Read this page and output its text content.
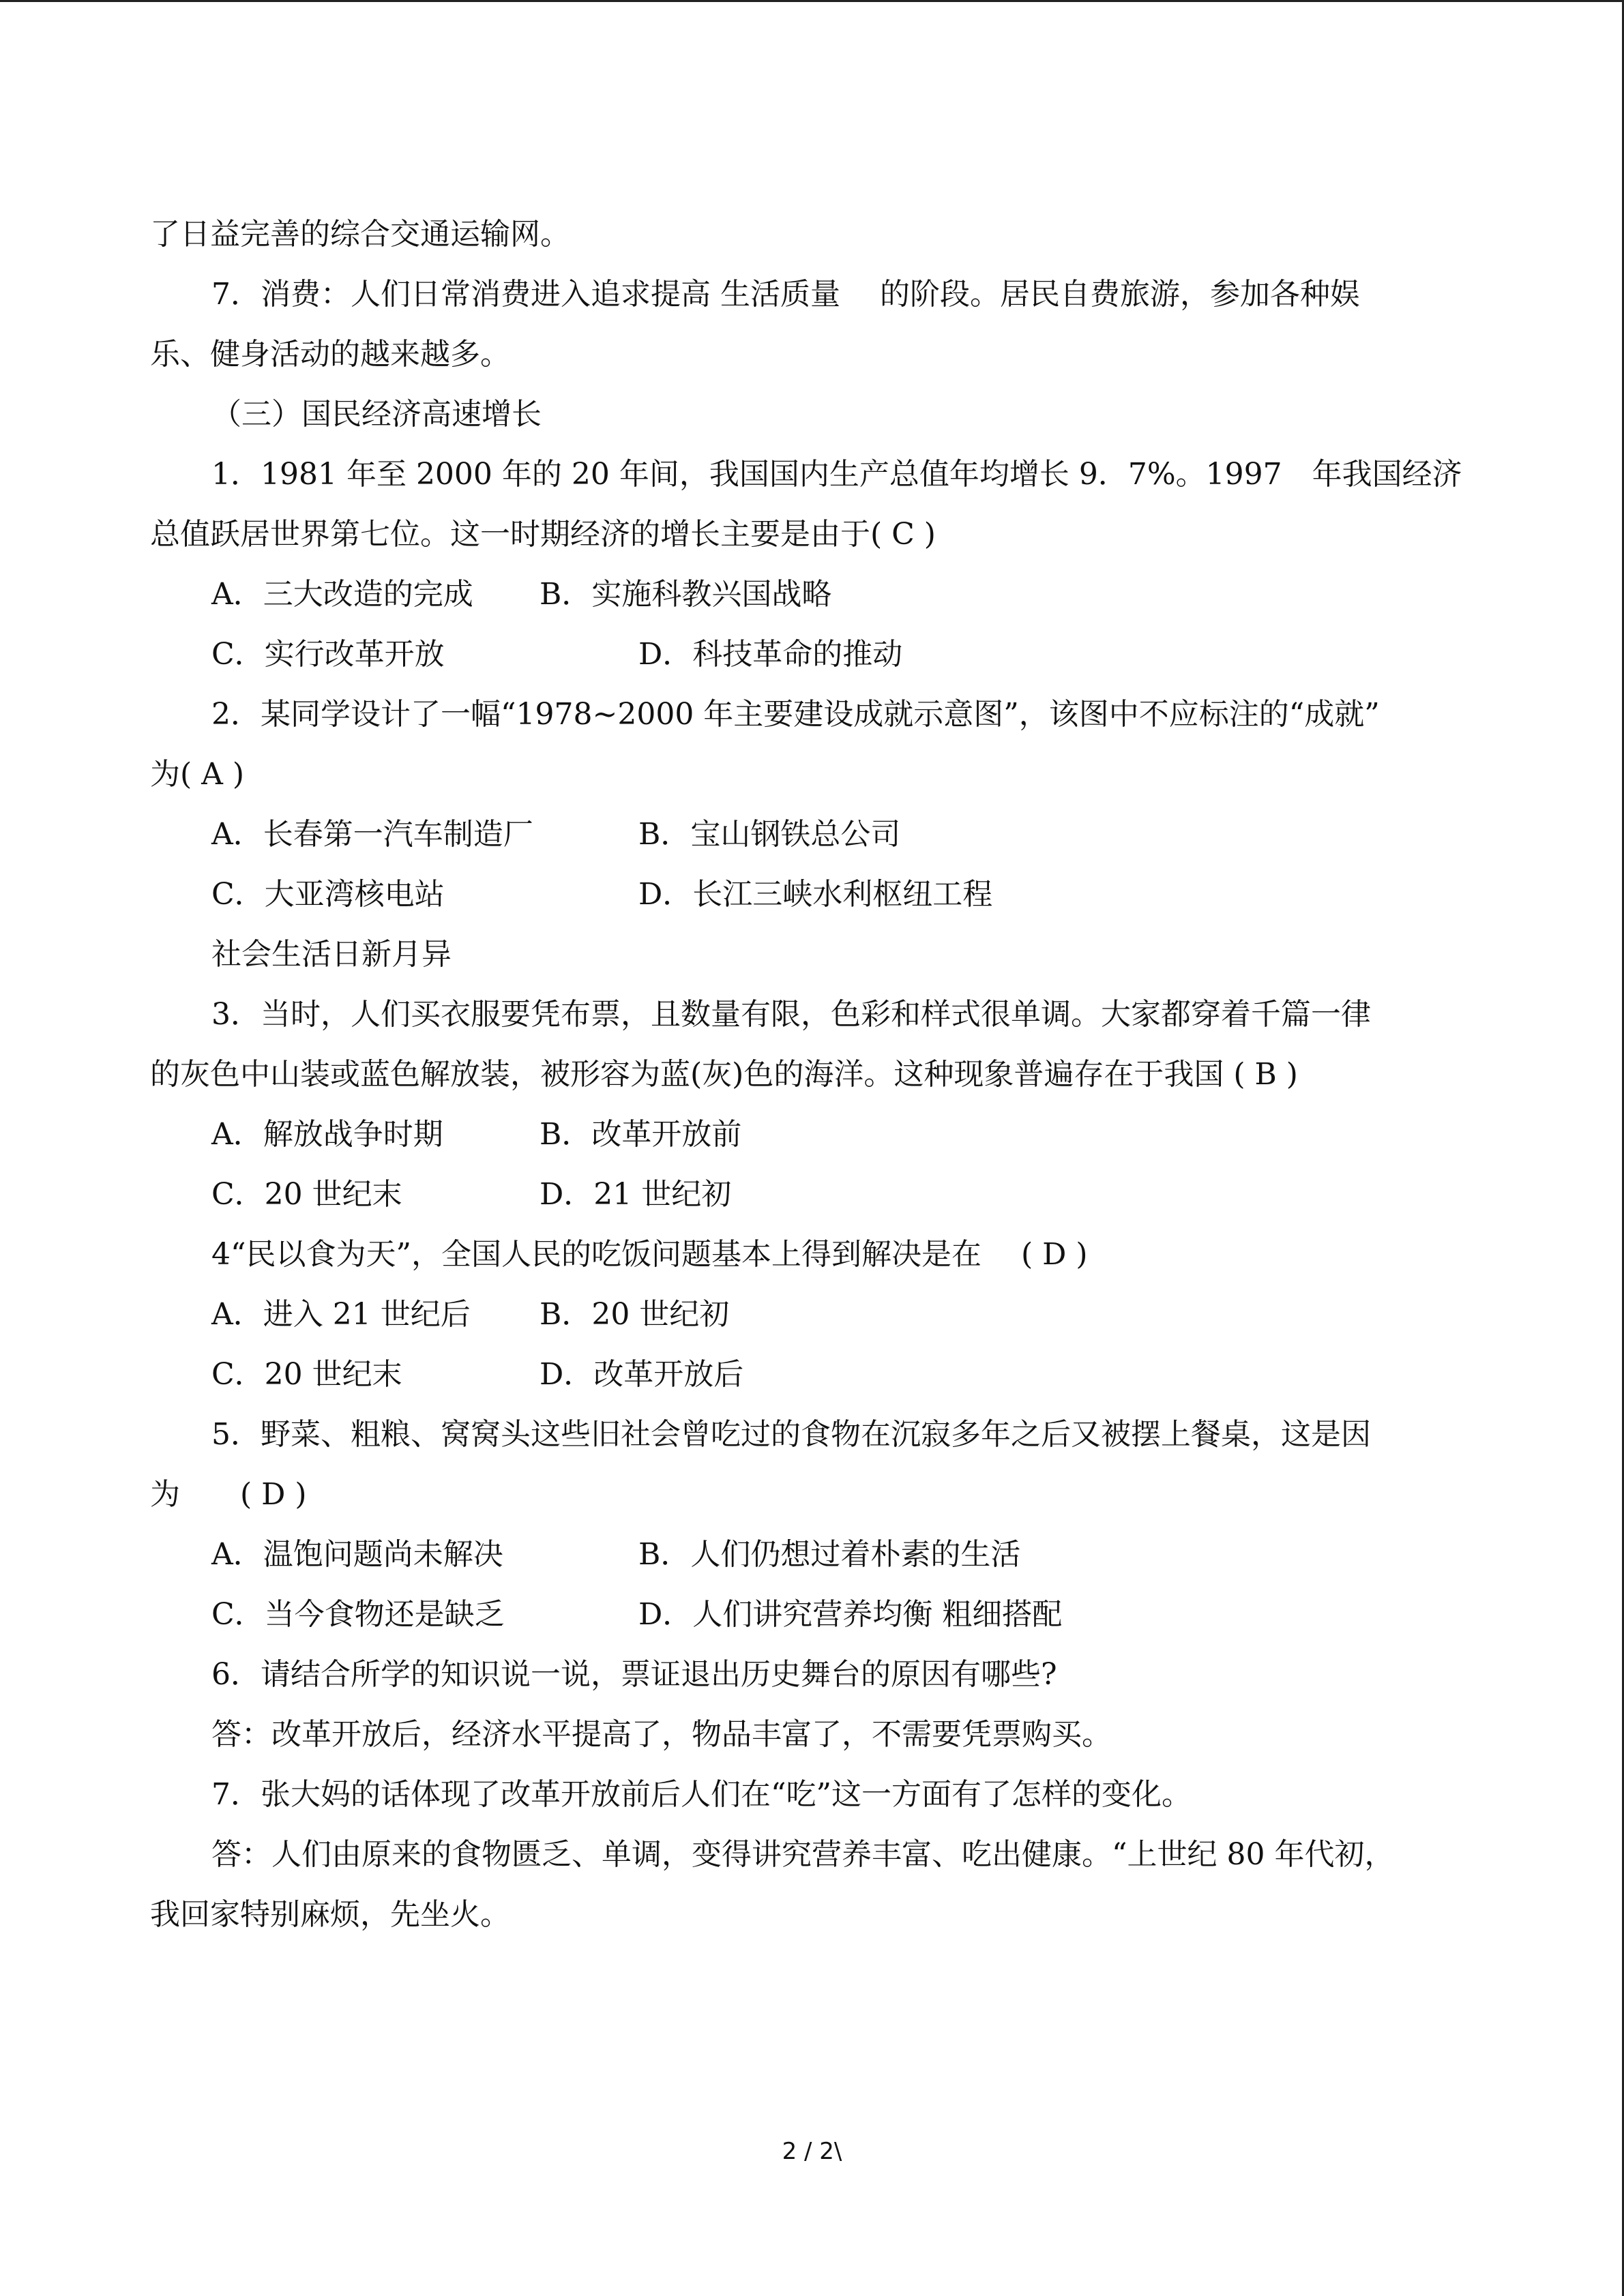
了日益完善的综合交通运输网。
7．消费：人们日常消费进入追求提高 生活质量　 的阶段。居民自费旅游，参加各种娱
乐、健身活动的越来越多。
（三）国民经济高速增长
1．1981 年至 2000 年的 20 年间，我国国内生产总值年均增长 9．7%。1997　年我国经济
总值跃居世界第七位。这一时期经济的增长主要是由于( C )
A．三大改造的完成 B．实施科教兴国战略
C．实行改革开放	D．科技革命的推动
2．某同学设计了一幅“1978~2000 年主要建设成就示意图”，该图中不应标注的“成就”
为( A )
A．长春第一汽车制造厂	B．宝山钢铁总公司
C．大亚湾核电站	D．长江三峡水利枢纽工程
社会生活日新月异
3．当时，人们买衣服要凭布票，且数量有限，色彩和样式很单调。大家都穿着千篇一律
的灰色中山装或蓝色解放装，被形容为蓝(灰)色的海洋。这种现象普遍存在于我国 ( B )
A．解放战争时期	B．改革开放前
C．20 世纪末	D．21 世纪初
4“民以食为天”，全国人民的吃饭问题基本上得到解决是在　 ( D )
A．进入 21 世纪后 B．20 世纪初
C．20 世纪末	D．改革开放后
5．野菜、粗粮、窝窝头这些旧社会曾吃过的食物在沉寂多年之后又被摆上餐桌，这是因
为　　( D )
A．温饱问题尚未解决	B．人们仍想过着朴素的生活
C．当今食物还是缺乏	D．人们讲究营养均衡 粗细搭配
6．请结合所学的知识说一说，票证退出历史舞台的原因有哪些?
答：改革开放后，经济水平提高了，物品丰富了，不需要凭票购买。
7．张大妈的话体现了改革开放前后人们在“吃”这一方面有了怎样的变化。
答：人们由原来的食物匮乏、单调，变得讲究营养丰富、吃出健康。“上世纪 80 年代初，
我回家特别麻烦，先坐火。
2 / 2\
